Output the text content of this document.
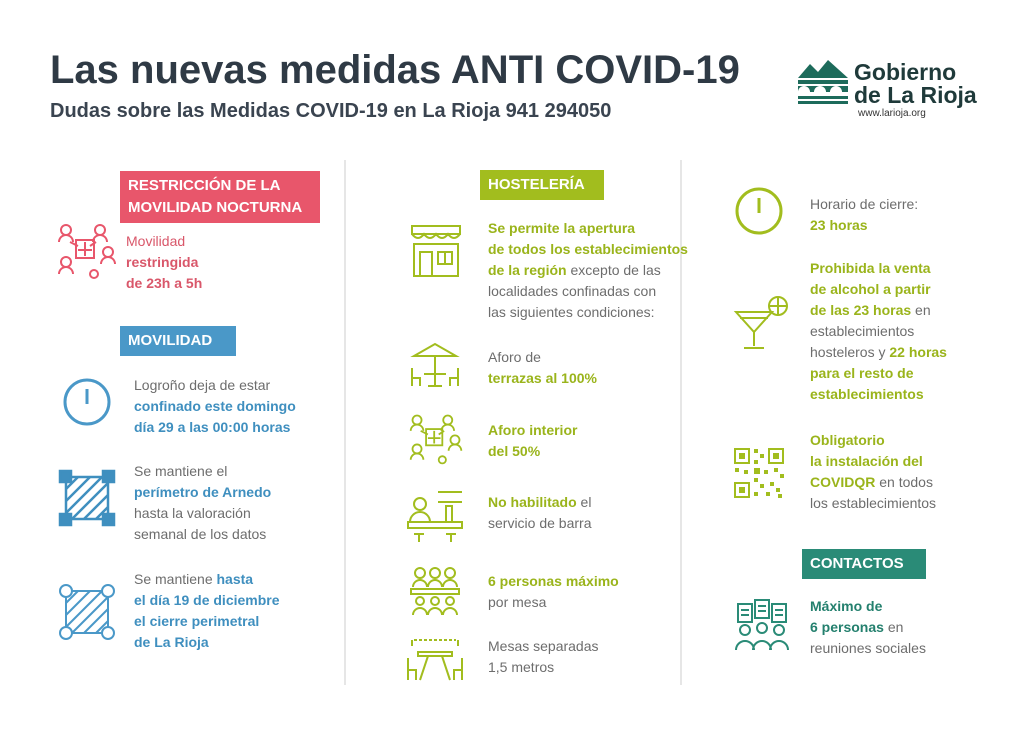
Las nuevas medidas ANTI COVID-19
Dudas sobre las Medidas COVID-19 en La Rioja 941 294050
Gobierno
de La Rioja
www.larioja.org
RESTRICCIÓN DE LA
MOVILIDAD NOCTURNA
Movilidad
restringida
de 23h a 5h
MOVILIDAD
Logroño deja de estar
confinado este domingo
día 29 a las 00:00 horas
Se mantiene el
perímetro de Arnedo
hasta la valoración
semanal de los datos
Se mantiene hasta
el día 19 de diciembre
el cierre perimetral
de La Rioja
HOSTELERÍA
Se permite la apertura
de todos los establecimientos
de la región excepto de las
localidades confinadas con
las siguientes condiciones:
Aforo de
terrazas al 100%
Aforo interior
del 50%
No habilitado el
servicio de barra
6 personas máximo
por mesa
Mesas separadas
1,5 metros
Horario de cierre:
23 horas
Prohibida la venta
de alcohol a partir
de las 23 horas en
establecimientos
hosteleros y 22 horas
para el resto de
establecimientos
Obligatorio
la instalación del
COVIDQR en todos
los establecimientos
CONTACTOS
Máximo de
6 personas en
reuniones sociales
